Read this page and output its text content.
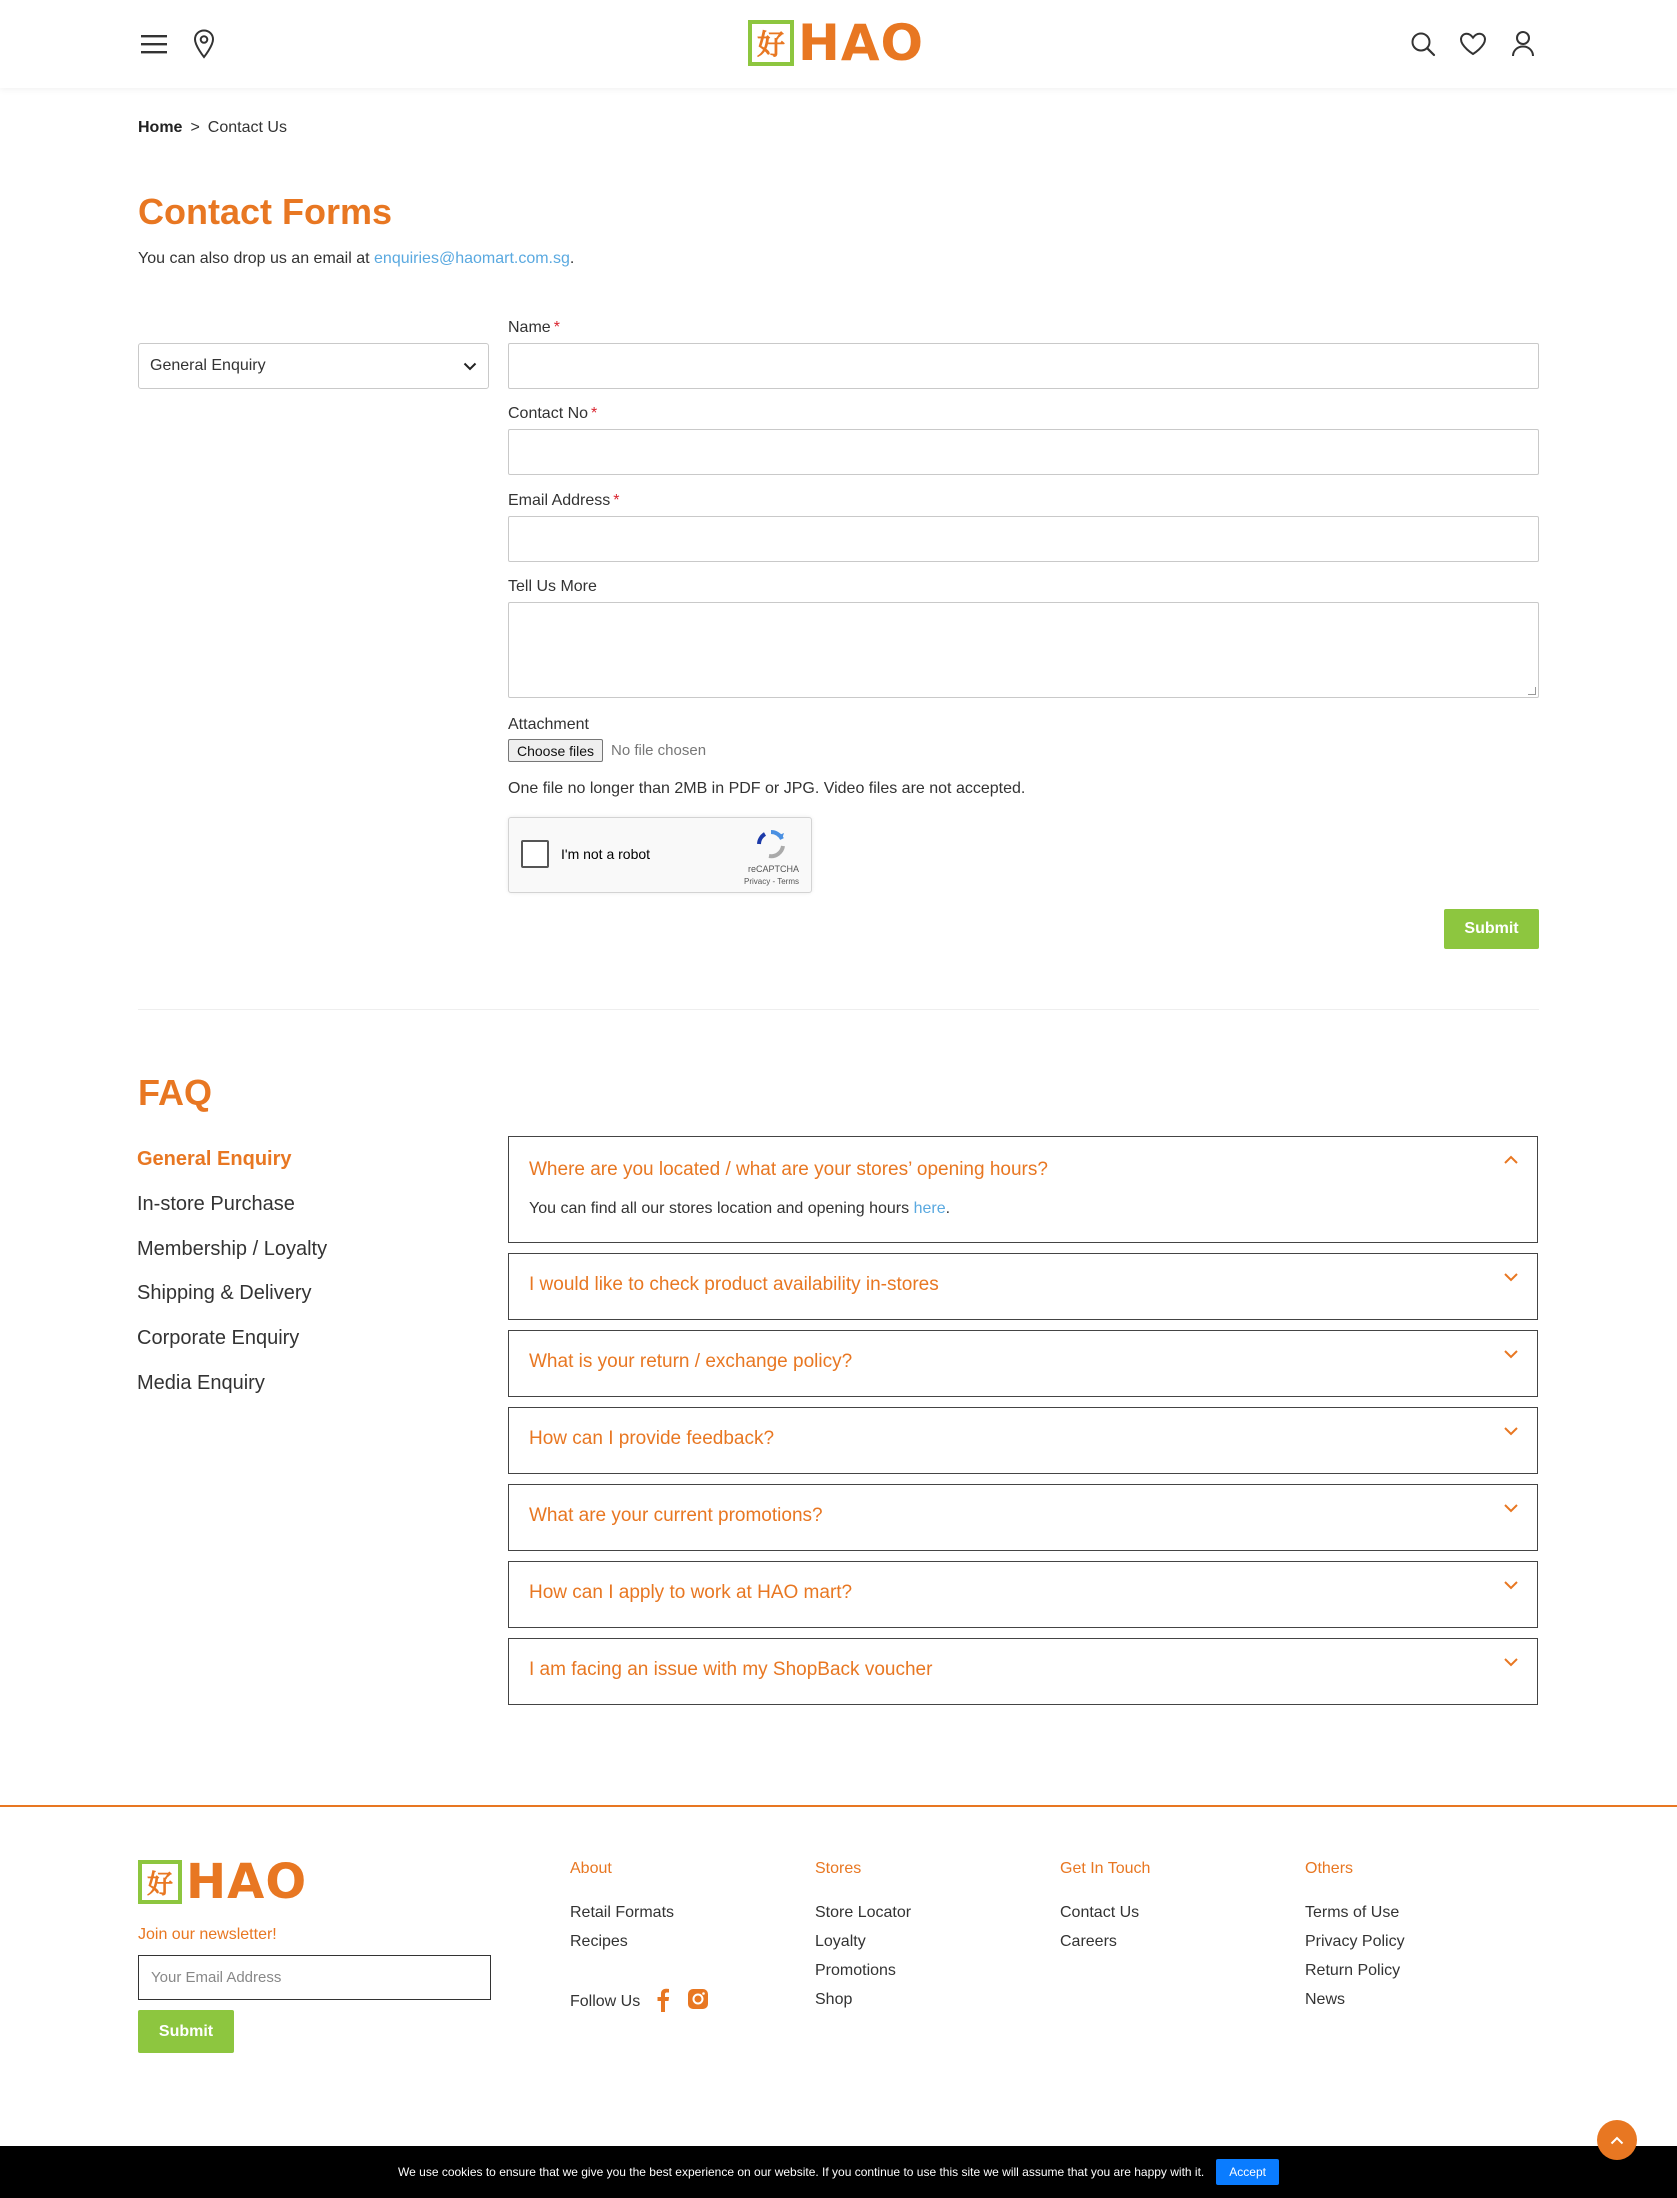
好 HAO
Home > Contact Us
Contact Forms
You can also drop us an email at enquiries@haomart.com.sg.
General Enquiry
Name *
Contact No *
Email Address *
Tell Us More
Attachment
Choose files	No file chosen
One file no longer than 2MB in PDF or JPG. Video files are not accepted.
I'm not a robot
reCAPTCHA
Privacy - Terms
Submit
FAQ
General Enquiry
In-store Purchase
Membership / Loyalty
Shipping & Delivery
Corporate Enquiry
Media Enquiry
Where are you located / what are your stores’ opening hours?
You can find all our stores location and opening hours here.
I would like to check product availability in-stores
What is your return / exchange policy?
How can I provide feedback?
What are your current promotions?
How can I apply to work at HAO mart?
I am facing an issue with my ShopBack voucher
好 HAO
Join our newsletter!
Your Email Address
Submit
About
Retail Formats
Recipes
Follow Us
Stores
Store Locator
Loyalty
Promotions
Shop
Get In Touch
Contact Us
Careers
Others
Terms of Use
Privacy Policy
Return Policy
News
We use cookies to ensure that we give you the best experience on our website. If you continue to use this site we will assume that you are happy with it.	Accept
